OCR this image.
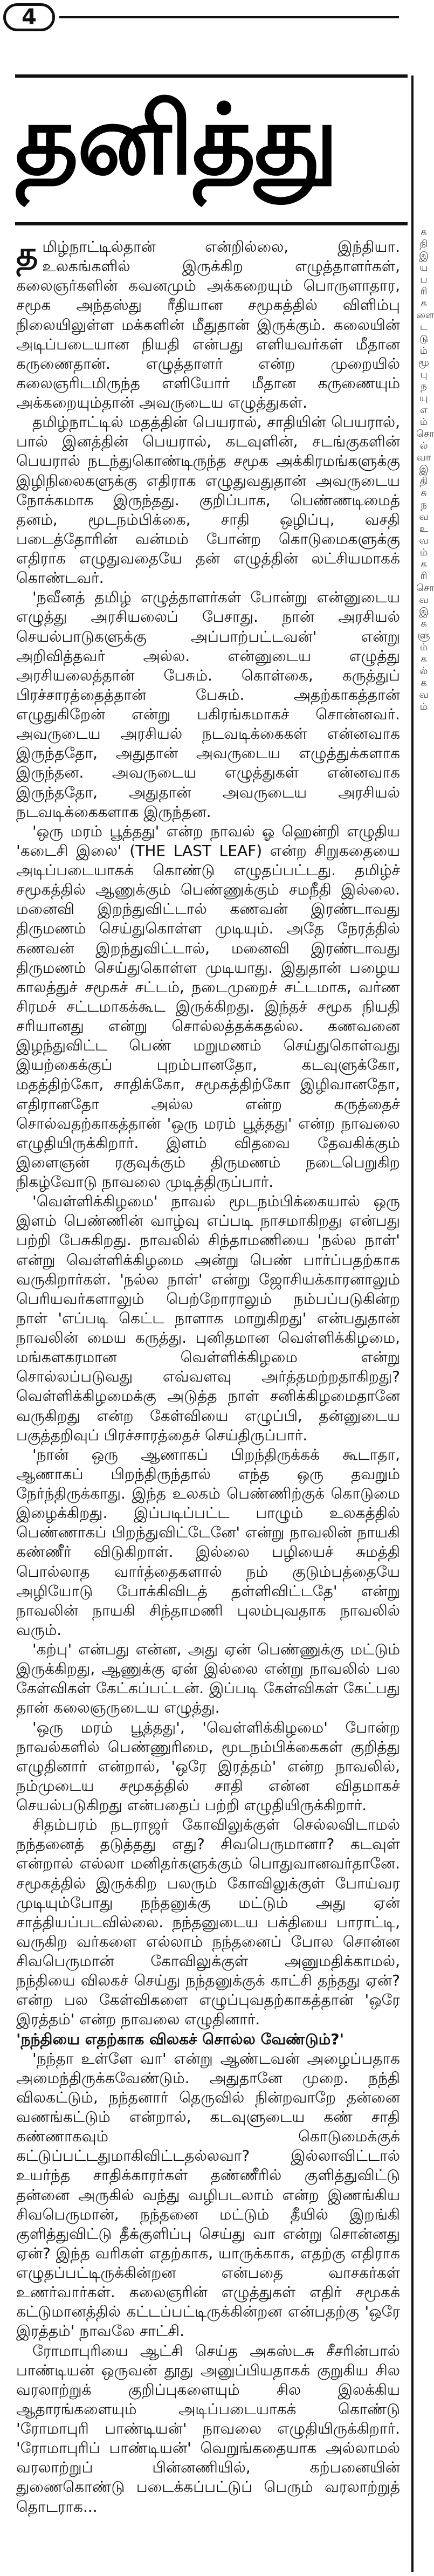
4
தனித்து

தமிழ்நாட்டில்தான் என்றில்லை, இந்தியா. உலகங்களில் இருக்கிற எழுத்தாளர்கள், கலைஞர்களின் கவனமும் அக்கறையும் பொருளாதார, சமூக அந்தஸ்து ரீதியான சமூகத்தில் விளிம்பு நிலையிலுள்ள மக்களின் மீதுதான் இருக்கும். கலையின் அடிப்படையான நியதி என்பது எளியவர்கள் மீதான கருணைதான். எழுத்தாளர் என்ற முறையில் கலைஞரிடமிருந்த எளியோர் மீதான கருணையும் அக்கறையும்தான் அவருடைய எழுத்துகள்.

தமிழ்நாட்டில் மதத்தின் பெயரால், சாதியின் பெயரால், பால் இனத்தின் பெயரால், கடவுளின், சடங்குகளின் பெயரால் நடந்துகொண்டிருந்த சமூக அக்கிரமங்களுக்கு இழிநிலைகளுக்கு எதிராக எழுதுவதுதான் அவருடைய நோக்கமாக இருந்தது. குறிப்பாக, பெண்ணடிமைத் தனம், மூடநம்பிக்கை, சாதி ஒழிப்பு, வசதி படைத்தோரின் வன்மம் போன்ற கொடுமைகளுக்கு எதிராக எழுதுவதையே தன் எழுத்தின் லட்சியமாகக் கொண்டவர்.

'நவீனத் தமிழ் எழுத்தாளர்கள் போன்று என்னுடைய எழுத்து அரசியலைப் பேசாது. நான் அரசியல் செயல்பாடுகளுக்கு அப்பாற்பட்டவன்' என்று அறிவித்தவர் அல்ல. என்னுடைய எழுத்து அரசியலைத்தான் பேசும். கொள்கை, கருத்துப் பிரச்சாரத்தைத்தான் பேசும். அதற்காகத்தான் எழுதுகிறேன் என்று பகிரங்கமாகச் சொன்னவர். அவருடைய அரசியல் நடவடிக்கைகள் என்னவாக இருந்ததோ, அதுதான் அவருடைய எழுத்துக்களாக இருந்தன. அவருடைய எழுத்துகள் என்னவாக இருந்ததோ, அதுதான் அவருடைய அரசியல் நடவடிக்கைகளாக இருந்தன.

'ஒரு மரம் பூத்தது' என்ற நாவல் ஓ ஹென்றி எழுதிய 'கடைசி இலை' (THE LAST LEAF) என்ற சிறுகதையை அடிப்படையாகக் கொண்டு எழுதப்பட்டது. தமிழ்ச் சமூகத்தில் ஆணுக்கும் பெண்ணுக்கும் சமநீதி இல்லை. மனைவி இறந்துவிட்டால் கணவன் இரண்டாவது திருமணம் செய்துகொள்ள முடியும். அதே நேரத்தில் கணவன் இறந்துவிட்டால், மனைவி இரண்டாவது திருமணம் செய்துகொள்ள முடியாது. இதுதான் பழைய காலத்துச் சமூகச் சட்டம், நடைமுறைச் சட்டமாக, வர்ண சிரமச் சட்டமாகக்கூட இருக்கிறது. இந்தச் சமூக நியதி சரியானது என்று சொல்லத்தக்கதல்ல. கணவனை இழந்துவிட்ட பெண் மறுமணம் செய்துகொள்வது இயற்கைக்குப் புறம்பானதோ, கடவுளுக்கோ, மதத்திற்கோ, சாதிக்கோ, சமூகத்திற்கோ இழிவானதோ, எதிரானதோ அல்ல என்ற கருத்தைச் சொல்வதற்காகத்தான் 'ஒரு மரம் பூத்தது' என்ற நாவலை எழுதியிருக்கிறார். இளம் விதவை தேவகிக்கும் இளைஞன் ரகுவுக்கும் திருமணம் நடைபெறுகிற நிகழ்வோடு நாவலை முடித்திருப்பார்.

'வெள்ளிக்கிழமை' நாவல் மூடநம்பிக்கையால் ஒரு இளம் பெண்ணின் வாழ்வு எப்படி நாசமாகிறது என்பது பற்றி பேசுகிறது. நாவலில் சிந்தாமணியை 'நல்ல நாள்' என்று வெள்ளிக்கிழமை அன்று பெண் பார்ப்பதற்காக வருகிறார்கள். 'நல்ல நாள்' என்று ஜோசியக்காரனாலும் பெரியவர்களாலும் பெற்றோராலும் நம்பப்படுகின்ற நாள் 'எப்படி கெட்ட நாளாக மாறுகிறது' என்பதுதான் நாவலின் மைய கருத்து. புனிதமான வெள்ளிக்கிழமை, மங்களகரமான வெள்ளிக்கிழமை என்று சொல்லப்படுவது எவ்வளவு அர்த்தமற்றதாகிறது? வெள்ளிக்கிழமைக்கு அடுத்த நாள் சனிக்கிழமைதானே வருகிறது என்ற கேள்வியை எழுப்பி, தன்னுடைய பகுத்தறிவுப் பிரச்சாரத்தைச் செய்திருப்பார்.

'நான் ஒரு ஆணாகப் பிறந்திருக்கக் கூடாதா, ஆணாகப் பிறந்திருந்தால் எந்த ஒரு தவறும் நேர்ந்திருக்காது. இந்த உலகம் பெண்ணிற்குக் கொடுமை இழைக்கிறது. இப்படிப்பட்ட பாழும் உலகத்தில் பெண்ணாகப் பிறந்துவிட்டேனே' என்று நாவலின் நாயகி கண்ணீர் விடுகிறாள். இல்லை பழியைச் சுமத்தி பொல்லாத வார்த்தைகளால் நம் குடும்பத்தையே அழியோடு போக்கிவிடத் தள்ளிவிட்டதே' என்று நாவலின் நாயகி சிந்தாமணி புலம்புவதாக நாவலில் வரும்.

'கற்பு' என்பது என்ன, அது ஏன் பெண்ணுக்கு மட்டும் இருக்கிறது, ஆணுக்கு ஏன் இல்லை என்று நாவலில் பல கேள்விகள் கேட்கப்பட்டன். இப்படி கேள்விகள் கேட்பது தான் கலைஞருடைய எழுத்து.

'ஒரு மரம் பூத்தது', 'வெள்ளிக்கிழமை' போன்ற நாவல்களில் பெண்ணுரிமை, மூடநம்பிக்கைகள் குறித்து எழுதினார் என்றால், 'ஒரே இரத்தம்' என்ற நாவலில், நம்முடைய சமூகத்தில் சாதி என்ன விதமாகச் செயல்படுகிறது என்பதைப் பற்றி எழுதியிருக்கிறார்.

சிதம்பரம் நடராஜர் கோவிலுக்குள் செல்லவிடாமல் நந்தனைத் தடுத்தது எது? சிவபெருமானா? கடவுள் என்றால் எல்லா மனிதர்களுக்கும் பொதுவானவர்தானே. சமூகத்தில் இருக்கிற பலரும் கோவிலுக்குள் போய்வர முடியும்போது நந்தனுக்கு மட்டும் அது ஏன் சாத்தியப்படவில்லை. நந்தனுடைய பக்தியை பாராட்டி, வருகிற வர்களை எல்லாம் நந்தனைப் போல சொன்ன சிவபெருமான் கோவிலுக்குள் அனுமதிக்காமல், நந்தியை விலகச் செய்து நந்தனுக்குக் காட்சி தந்தது ஏன்? என்ற பல கேள்விகளை எழுப்புவதற்காகத்தான் 'ஒரே இரத்தம்' என்ற நாவலை எழுதினார்.

'நந்தியை எதற்காக விலகச் சொல்ல வேண்டும்?'

'நந்தா உள்ளே வா' என்று ஆண்டவன் அழைப்பதாக அமைந்திருக்கவேண்டும். அதுதானே முறை. நந்தி விலகட்டும், நந்தனார் தெருவில் நின்றவாறே தன்னை வணங்கட்டும் என்றால், கடவுளுடைய கண் சாதி கண்ணாகவும் கொடுமைக்குக் கட்டுப்பட்டதுமாகிவிட்டதல்லவா? இல்லாவிட்டால் உயர்ந்த சாதிக்காரர்கள் தண்ணீரில் குளித்துவிட்டு தன்னை அருகில் வந்து வழிபடலாம் என்ற இணங்கிய சிவபெருமான், நந்தனை மட்டும் தீயில் இறங்கி குளித்துவிட்டு தீக்குளிப்பு செய்து வா என்று சொன்னது ஏன்? இந்த வரிகள் எதற்காக, யாருக்காக, எதற்கு எதிராக எழுதப்பட்டிருக்கின்றன என்பதை வாசகர்கள் உணர்வார்கள். கலைஞரின் எழுத்துகள் எதிர் சமூகக் கட்டுமானத்தில் கட்டப்பட்டிருக்கின்றன என்பதற்கு 'ஒரே இரத்தம்' நாவலே சாட்சி.

ரோமாபுரியை ஆட்சி செய்த அகஸ்டசு சீசரின்பால் பாண்டியன் ஒருவன் தூது அனுப்பியதாகக் குறுகிய சில வரலாற்றுக் குறிப்புகளையும் சில இலக்கிய ஆதாரங்களையும் அடிப்படையாகக் கொண்டு 'ரோமாபுரி பாண்டியன்' நாவலை எழுதியிருக்கிறார். 'ரோமாபுரிப் பாண்டியன்' வெறுங்கதையாக அல்லாமல் வரலாற்றுப் பின்னணியில், கற்பனையின் துணைகொண்டு படைக்கப்பட்டுப் பெரும் வரலாற்றுத் தொடராக...

க நி இ ய ப ரி க ளை ட டு ம் மூ பு ந யு எ ம் சொ ல் வா இ தி சு ந வ உ வ ம் க ரி சொ வ இ க ளு ம் க ல் க வ ம்
